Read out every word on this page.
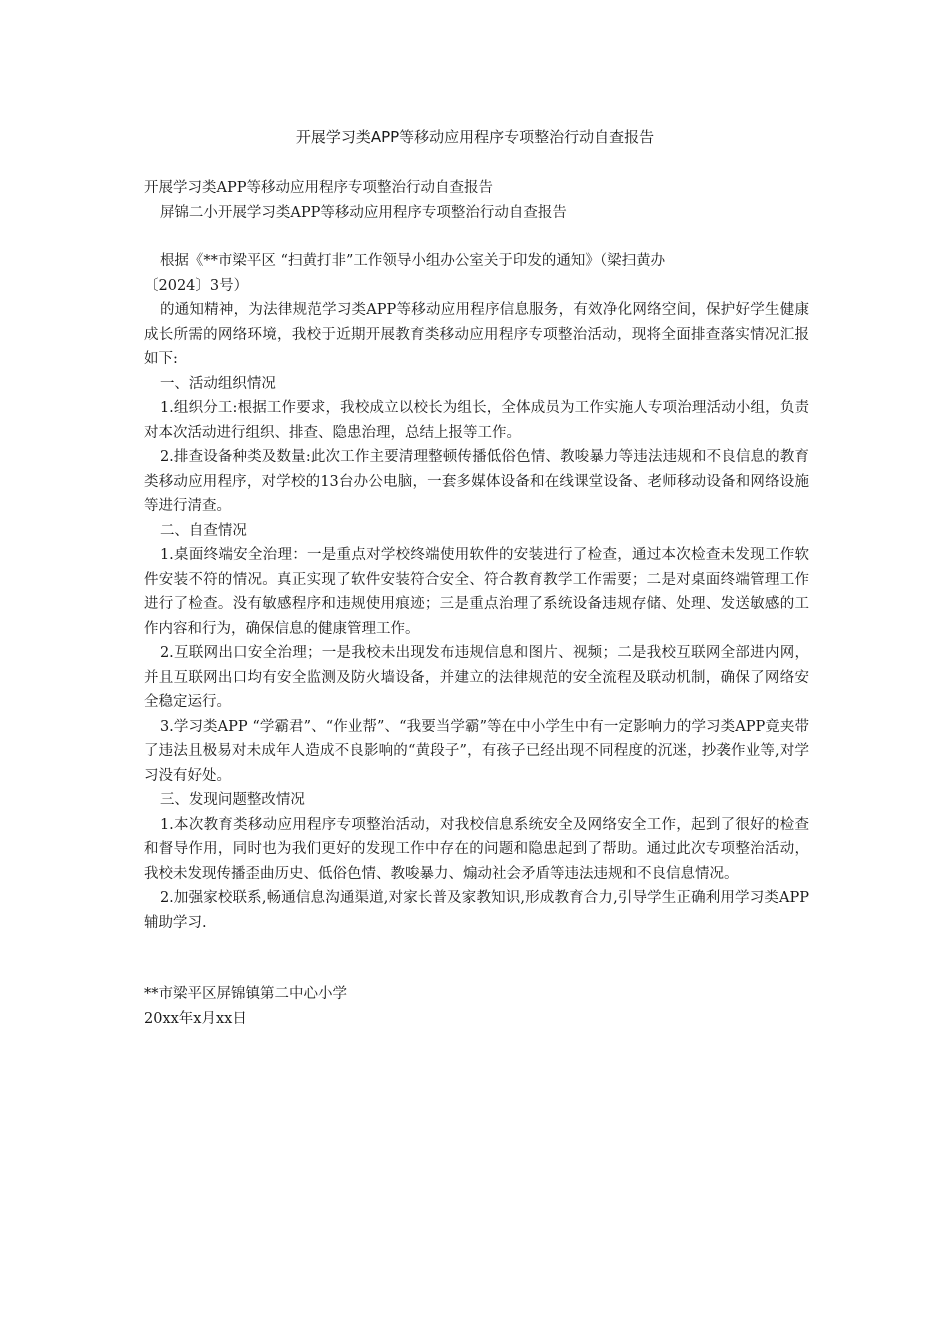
开展学习类APP等移动应用程序专项整治行动自查报告

开展学习类APP等移动应用程序专项整治行动自查报告

屏锦二小开展学习类APP等移动应用程序专项整治行动自查报告

根据《**市梁平区 “扫黄打非”工作领导小组办公室关于印发的通知》（梁扫黄办

〔2024〕3号）

的通知精神，为法律规范学习类APP等移动应用程序信息服务，有效净化网络空间，保护好学生健康成长所需的网络环境，我校于近期开展教育类移动应用程序专项整治活动，现将全面排查落实情况汇报如下:

一、活动组织情况

1.组织分工:根据工作要求，我校成立以校长为组长，全体成员为工作实施人专项治理活动小组，负责对本次活动进行组织、排查、隐患治理，总结上报等工作。

2.排查设备种类及数量:此次工作主要清理整顿传播低俗色情、教唆暴力等违法违规和不良信息的教育类移动应用程序，对学校的13台办公电脑，一套多媒体设备和在线课堂设备、老师移动设备和网络设施等进行清查。

二、自查情况

1.桌面终端安全治理：一是重点对学校终端使用软件的安装进行了检查，通过本次检查未发现工作软件安装不符的情况。真正实现了软件安装符合安全、符合教育教学工作需要；二是对桌面终端管理工作进行了检查。没有敏感程序和违规使用痕迹；三是重点治理了系统设备违规存储、处理、发送敏感的工作内容和行为，确保信息的健康管理工作。

2.互联网出口安全治理；一是我校未出现发布违规信息和图片、视频；二是我校互联网全部进内网，并且互联网出口均有安全监测及防火墙设备，并建立的法律规范的安全流程及联动机制，确保了网络安全稳定运行。

3.学习类APP “学霸君”、“作业帮”、“我要当学霸”等在中小学生中有一定影响力的学习类APP竟夹带了违法且极易对未成年人造成不良影响的“黄段子”，有孩子已经出现不同程度的沉迷，抄袭作业等,对学习没有好处。

三、发现问题整改情况

1.本次教育类移动应用程序专项整治活动，对我校信息系统安全及网络安全工作，起到了很好的检查和督导作用，同时也为我们更好的发现工作中存在的问题和隐患起到了帮助。通过此次专项整治活动，我校未发现传播歪曲历史、低俗色情、教唆暴力、煽动社会矛盾等违法违规和不良信息情况。

2.加强家校联系,畅通信息沟通渠道,对家长普及家教知识,形成教育合力,引导学生正确利用学习类APP辅助学习.

**市梁平区屏锦镇第二中心小学

20xx年x月xx日
